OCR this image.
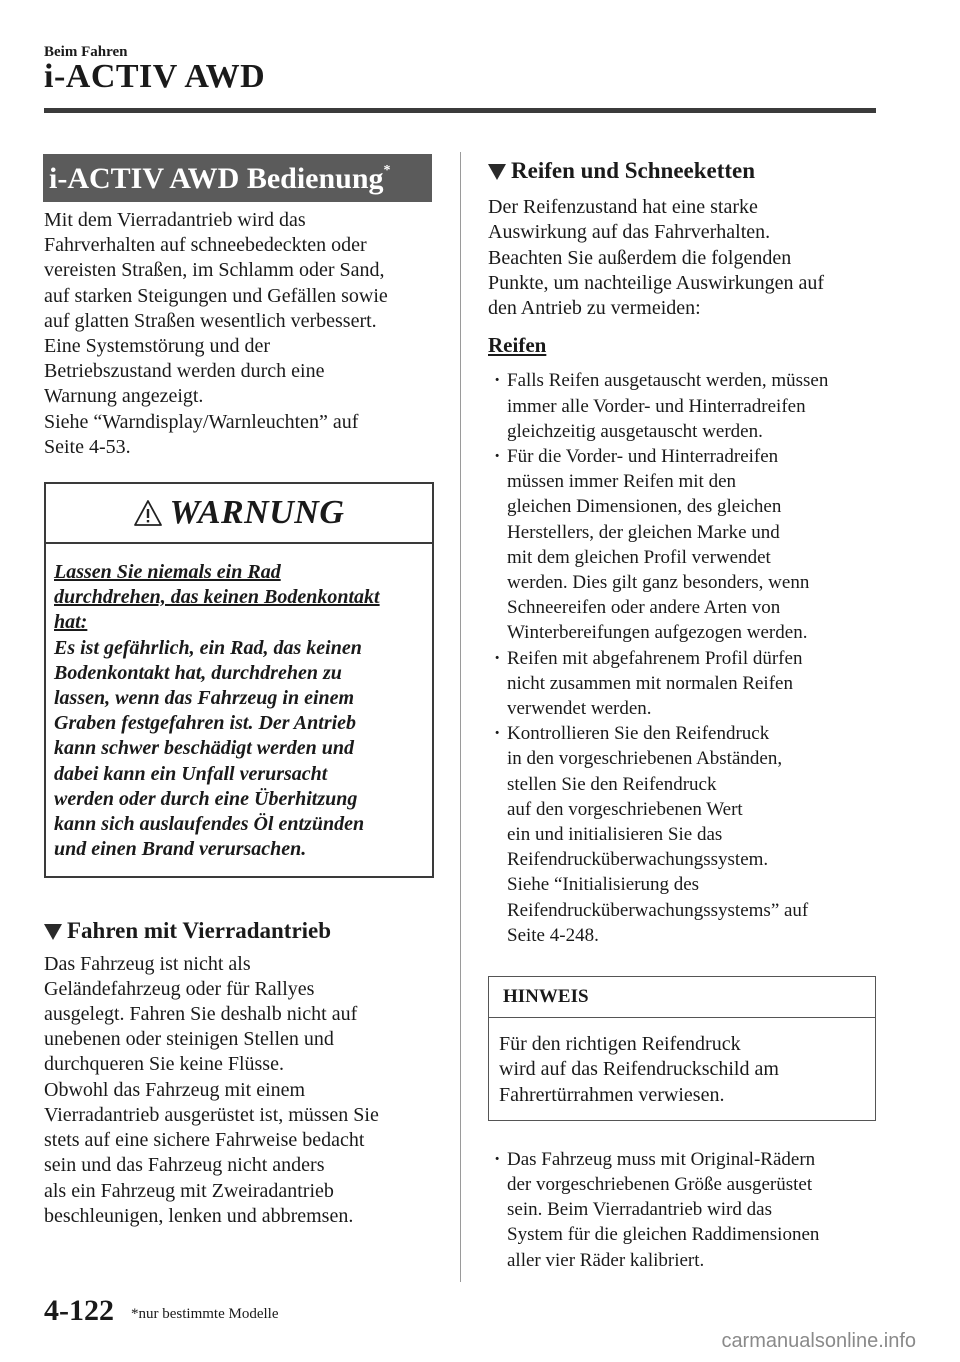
Beim Fahren
i-ACTIV AWD
i-ACTIV AWD Bedienung*

Mit dem Vierradantrieb wird das
Fahrverhalten auf schneebedeckten oder
vereisten Straßen, im Schlamm oder Sand,
auf starken Steigungen und Gefällen sowie
auf glatten Straßen wesentlich verbessert.
Eine Systemstörung und der
Betriebszustand werden durch eine
Warnung angezeigt.
Siehe “Warndisplay/Warnleuchten” auf
Seite 4-53.

WARNUNG
Lassen Sie niemals ein Rad
durchdrehen, das keinen Bodenkontakt
hat:
Es ist gefährlich, ein Rad, das keinen
Bodenkontakt hat, durchdrehen zu
lassen, wenn das Fahrzeug in einem
Graben festgefahren ist. Der Antrieb
kann schwer beschädigt werden und
dabei kann ein Unfall verursacht
werden oder durch eine Überhitzung
kann sich auslaufendes Öl entzünden
und einen Brand verursachen.
Fahren mit Vierradantrieb

Das Fahrzeug ist nicht als
Geländefahrzeug oder für Rallyes
ausgelegt. Fahren Sie deshalb nicht auf
unebenen oder steinigen Stellen und
durchqueren Sie keine Flüsse.
Obwohl das Fahrzeug mit einem
Vierradantrieb ausgerüstet ist, müssen Sie
stets auf eine sichere Fahrweise bedacht
sein und das Fahrzeug nicht anders
als ein Fahrzeug mit Zweiradantrieb
beschleunigen, lenken und abbremsen.

Reifen und Schneeketten

Der Reifenzustand hat eine starke
Auswirkung auf das Fahrverhalten.
Beachten Sie außerdem die folgenden
Punkte, um nachteilige Auswirkungen auf
den Antrieb zu vermeiden:

Reifen
· Falls Reifen ausgetauscht werden, müssen
immer alle Vorder- und Hinterradreifen
gleichzeitig ausgetauscht werden.
· Für die Vorder- und Hinterradreifen
müssen immer Reifen mit den
gleichen Dimensionen, des gleichen
Herstellers, der gleichen Marke und
mit dem gleichen Profil verwendet
werden. Dies gilt ganz besonders, wenn
Schneereifen oder andere Arten von
Winterbereifungen aufgezogen werden.
· Reifen mit abgefahrenem Profil dürfen
nicht zusammen mit normalen Reifen
verwendet werden.
· Kontrollieren Sie den Reifendruck
in den vorgeschriebenen Abständen,
stellen Sie den Reifendruck
auf den vorgeschriebenen Wert
ein und initialisieren Sie das
Reifendrucküberwachungssystem.
Siehe “Initialisierung des
Reifendrucküberwachungssystems” auf
Seite 4-248.
HINWEIS
Für den richtigen Reifendruck
wird auf das Reifendruckschild am
Fahrertürrahmen verwiesen.
· Das Fahrzeug muss mit Original-Rädern
der vorgeschriebenen Größe ausgerüstet
sein. Beim Vierradantrieb wird das
System für die gleichen Raddimensionen
aller vier Räder kalibriert.
4-122 *nur bestimmte Modelle
carmanualsonline.info
